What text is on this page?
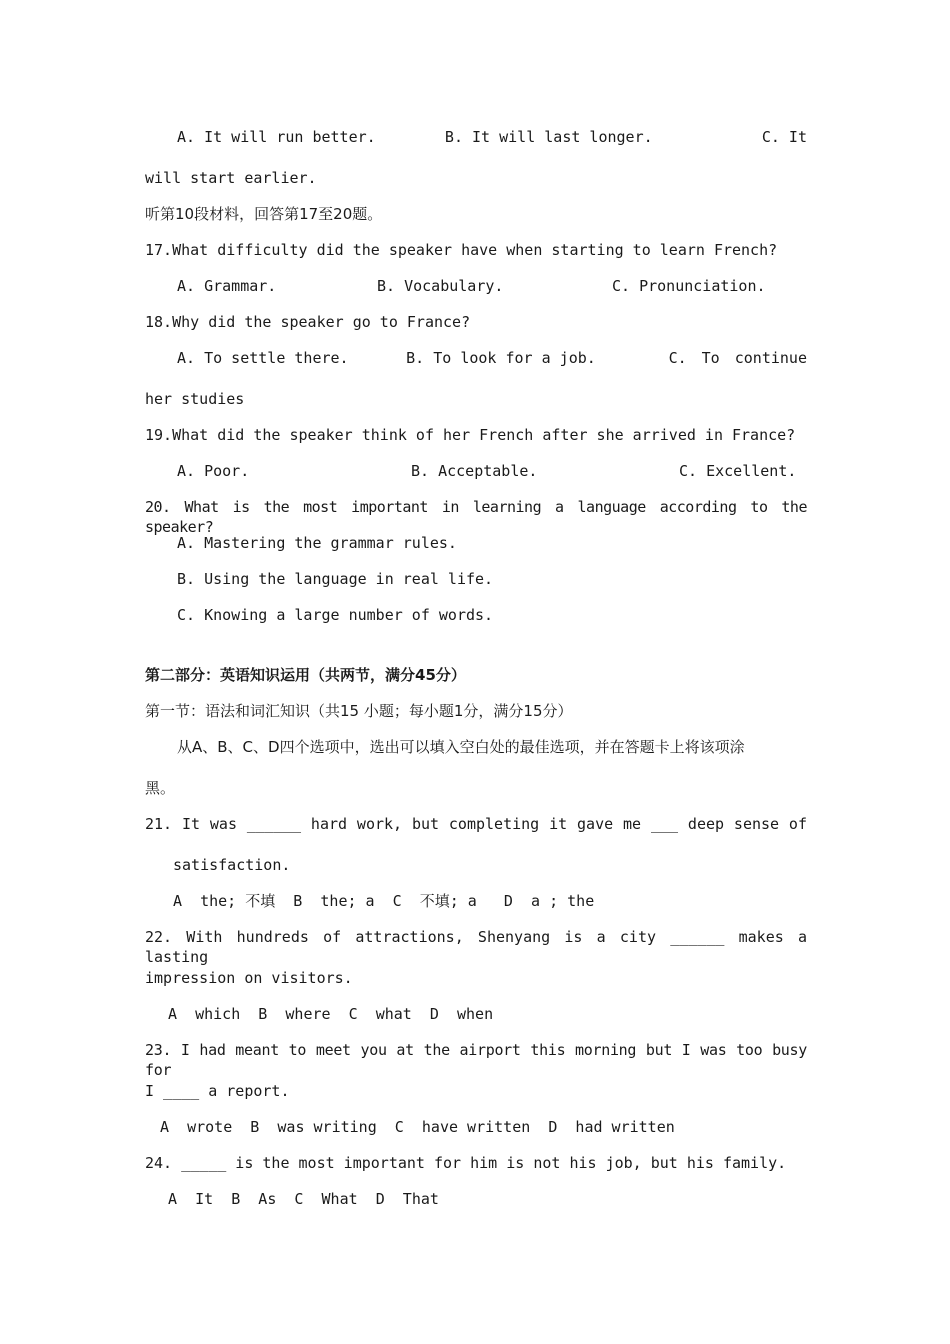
A. It will run better.	B. It will last longer.	C. It
will start earlier.
听第10段材料，回答第17至20题。
17.What difficulty did the speaker have when starting to learn French?
A. Grammar.	B. Vocabulary.	C. Pronunciation.
18.Why did the speaker go to France?
A. To settle there.	B. To look for a job.	C. To continue
her studies
19.What did the speaker think of her French after she arrived in France?
A. Poor.	B. Acceptable.	C. Excellent.
20. What is the most important in learning a language according to the speaker?
A. Mastering the grammar rules.
B. Using the language in real life.
C. Knowing a large number of words.
第二部分：英语知识运用（共两节，满分45分）
第一节：语法和词汇知识（共15 小题；每小题1分，满分15分）
从A、B、C、D四个选项中，选出可以填入空白处的最佳选项，并在答题卡上将该项涂
黑。
21. It was ______ hard work, but completing it gave me ___ deep sense of
satisfaction.
A  the; 不填  B  the; a  C  不填; a   D  a ; the
22. With hundreds of attractions, Shenyang is a city ______ makes a lasting
impression on visitors.
A  which  B  where  C  what  D  when
23. I had meant to meet you at the airport this morning but I was too busy for
I ____ a report.
A  wrote  B  was writing  C  have written  D  had written
24. _____ is the most important for him is not his job, but his family.
A  It  B  As  C  What  D  That
